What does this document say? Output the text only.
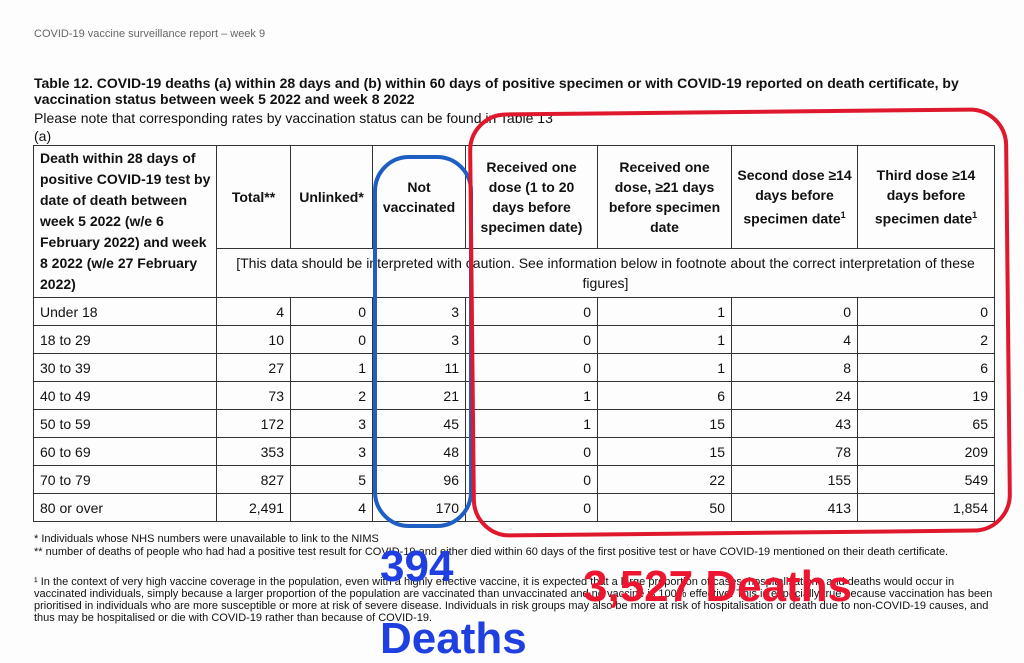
COVID-19 vaccine surveillance report – week 9
Table 12. COVID-19 deaths (a) within 28 days and (b) within 60 days of positive specimen or with COVID-19 reported on death certificate, by vaccination status between week 5 2022 and week 8 2022
Please note that corresponding rates by vaccination status can be found in Table 13
(a)
Death within 28 days of positive COVID-19 test by date of death between week 5 2022 (w/e 6 February 2022) and week 8 2022 (w/e 27 February 2022)	Total**	Unlinked*	Not vaccinated	Received one dose (1 to 20 days before specimen date)	Received one dose, ≥21 days before specimen date	Second dose ≥14 days before specimen date$^1$	Third dose ≥14 days before specimen date$^1$
	[This data should be interpreted with caution. See information below in footnote about the correct interpretation of these figures]						
Under 18	4	0	3	0	1	0	0
18 to 29	10	0	3	0	1	4	2
30 to 39	27	1	11	0	1	8	6
40 to 49	73	2	21	1	6	24	19
50 to 59	172	3	45	1	15	43	65
60 to 69	353	3	48	0	15	78	209
70 to 79	827	5	96	0	22	155	549
80 or over	2,491	4	170	0	50	413	1,854
* Individuals whose NHS numbers were unavailable to link to the NIMS
** number of deaths of people who had had a positive test result for COVID-19 and either died within 60 days of the first positive test or have COVID-19 mentioned on their death certificate.
¹ In the context of very high vaccine coverage in the population, even with a highly effective vaccine, it is expected that a large proportion of cases, hospitalisations and deaths would occur in vaccinated individuals, simply because a larger proportion of the population are vaccinated than unvaccinated and no vaccine is 100% effective. This is especially true because vaccination has been prioritised in individuals who are more susceptible or more at risk of severe disease. Individuals in risk groups may also be more at risk of hospitalisation or death due to non-COVID-19 causes, and thus may be hospitalised or die with COVID-19 rather than because of COVID-19.
394
Deaths
3,527 Deaths
